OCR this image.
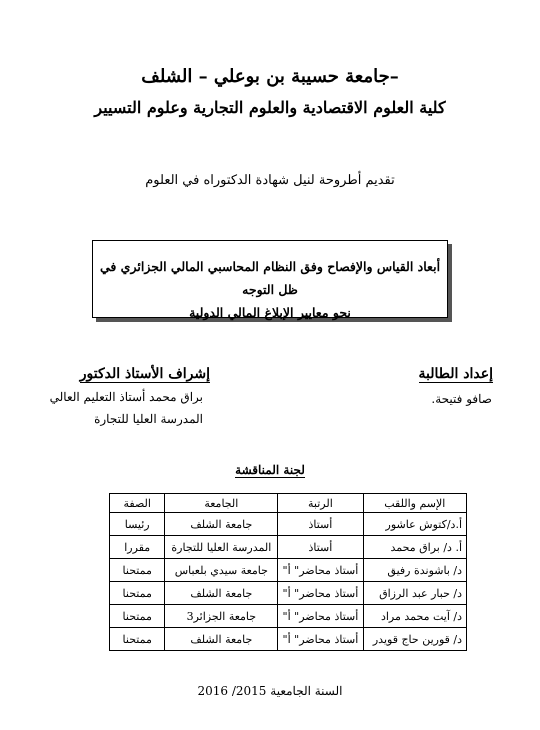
جامعة حسيبة بن بوعلي – الشلف–
كلية العلوم الاقتصادية والعلوم التجارية وعلوم التسيير
تقديم أطروحة لنيل شهادة الدكتوراه في العلوم
أبعاد القياس والإفصاح وفق النظام المحاسبي المالي الجزائري في ظل التوجه
نحو معايير الإبلاغ المالي الدولية
إعداد الطالبة
صافو فتيحة.
إشراف الأستاذ الدكتور
براق محمد أستاذ التعليم العالي
المدرسة العليا للتجارة
لجنة المناقشة
الإسم واللقب	الرتبة	الجامعة	الصفة
أ.د/كتوش عاشور	أستاذ	جامعة الشلف	رئيسا
أ. د/ براق محمد	أستاذ	المدرسة العليا للتجارة	مقررا
د/ باشوندة رفيق	أستاذ محاضر" أ"	جامعة سيدي بلعباس	ممتحنا
د/ حبار عبد الرزاق	أستاذ محاضر" أ"	جامعة الشلف	ممتحنا
د/ آيت محمد مراد	أستاذ محاضر" أ"	جامعة الجزائر3	ممتحنا
د/ قورين حاج قويدر	أستاذ محاضر" أ"	جامعة الشلف	ممتحنا
السنة الجامعية 2015/ 2016
